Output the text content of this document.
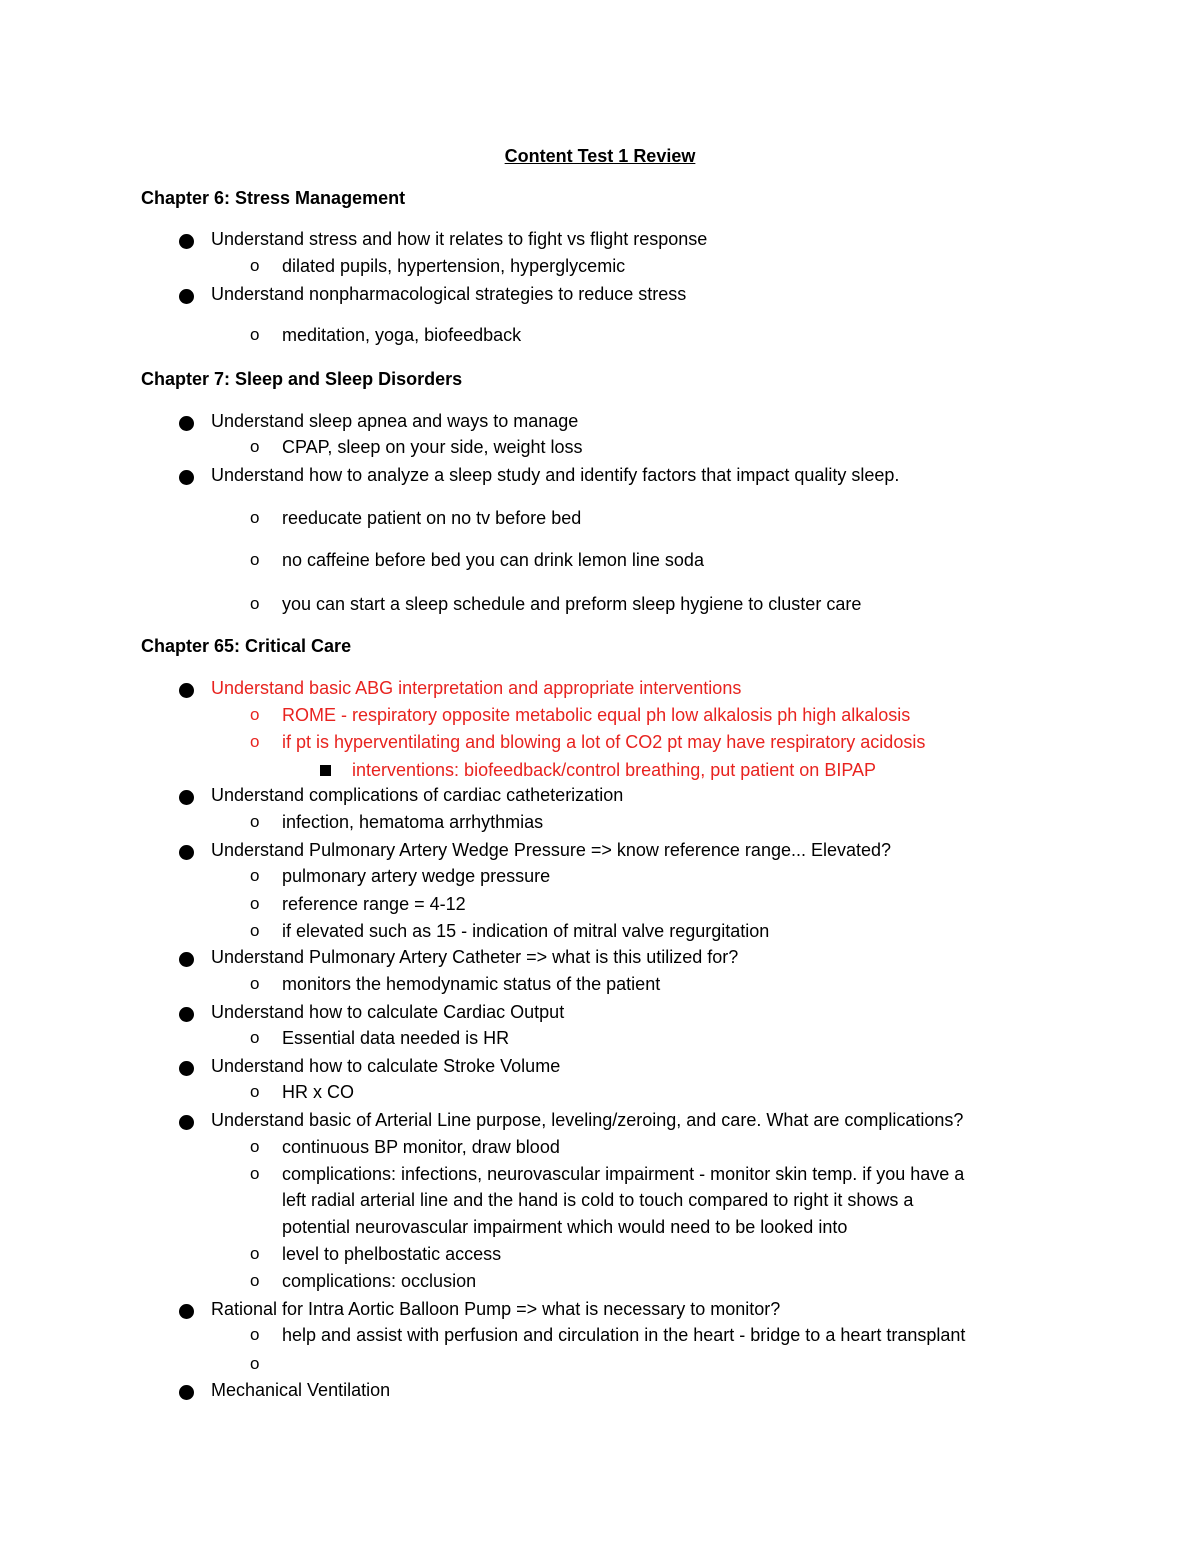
Content Test 1 Review
Chapter 6: Stress Management
Understand stress and how it relates to fight vs flight response
o dilated pupils, hypertension, hyperglycemic
Understand nonpharmacological strategies to reduce stress
o meditation, yoga, biofeedback
Chapter 7: Sleep and Sleep Disorders
Understand sleep apnea and ways to manage
o CPAP, sleep on your side, weight loss
Understand how to analyze a sleep study and identify factors that impact quality sleep.
o reeducate patient on no tv before bed
o no caffeine before bed you can drink lemon line soda
o you can start a sleep schedule and preform sleep hygiene to cluster care
Chapter 65: Critical Care
Understand basic ABG interpretation and appropriate interventions
o ROME - respiratory opposite metabolic equal ph low alkalosis ph high alkalosis
o if pt is hyperventilating and blowing a lot of CO2 pt may have respiratory acidosis
interventions: biofeedback/control breathing, put patient on BIPAP
Understand complications of cardiac catheterization
o infection, hematoma arrhythmias
Understand Pulmonary Artery Wedge Pressure => know reference range... Elevated?
o pulmonary artery wedge pressure
o reference range = 4-12
o if elevated such as 15 - indication of mitral valve regurgitation
Understand Pulmonary Artery Catheter => what is this utilized for?
o monitors the hemodynamic status of the patient
Understand how to calculate Cardiac Output
o Essential data needed is HR
Understand how to calculate Stroke Volume
o HR x CO
Understand basic of Arterial Line purpose, leveling/zeroing, and care. What are complications?
o continuous BP monitor, draw blood
o complications: infections, neurovascular impairment - monitor skin temp. if you have a
left radial arterial line and the hand is cold to touch compared to right it shows a
potential neurovascular impairment which would need to be looked into
o level to phelbostatic access
o complications: occlusion
Rational for Intra Aortic Balloon Pump => what is necessary to monitor?
o help and assist with perfusion and circulation in the heart - bridge to a heart transplant
o
Mechanical Ventilation
